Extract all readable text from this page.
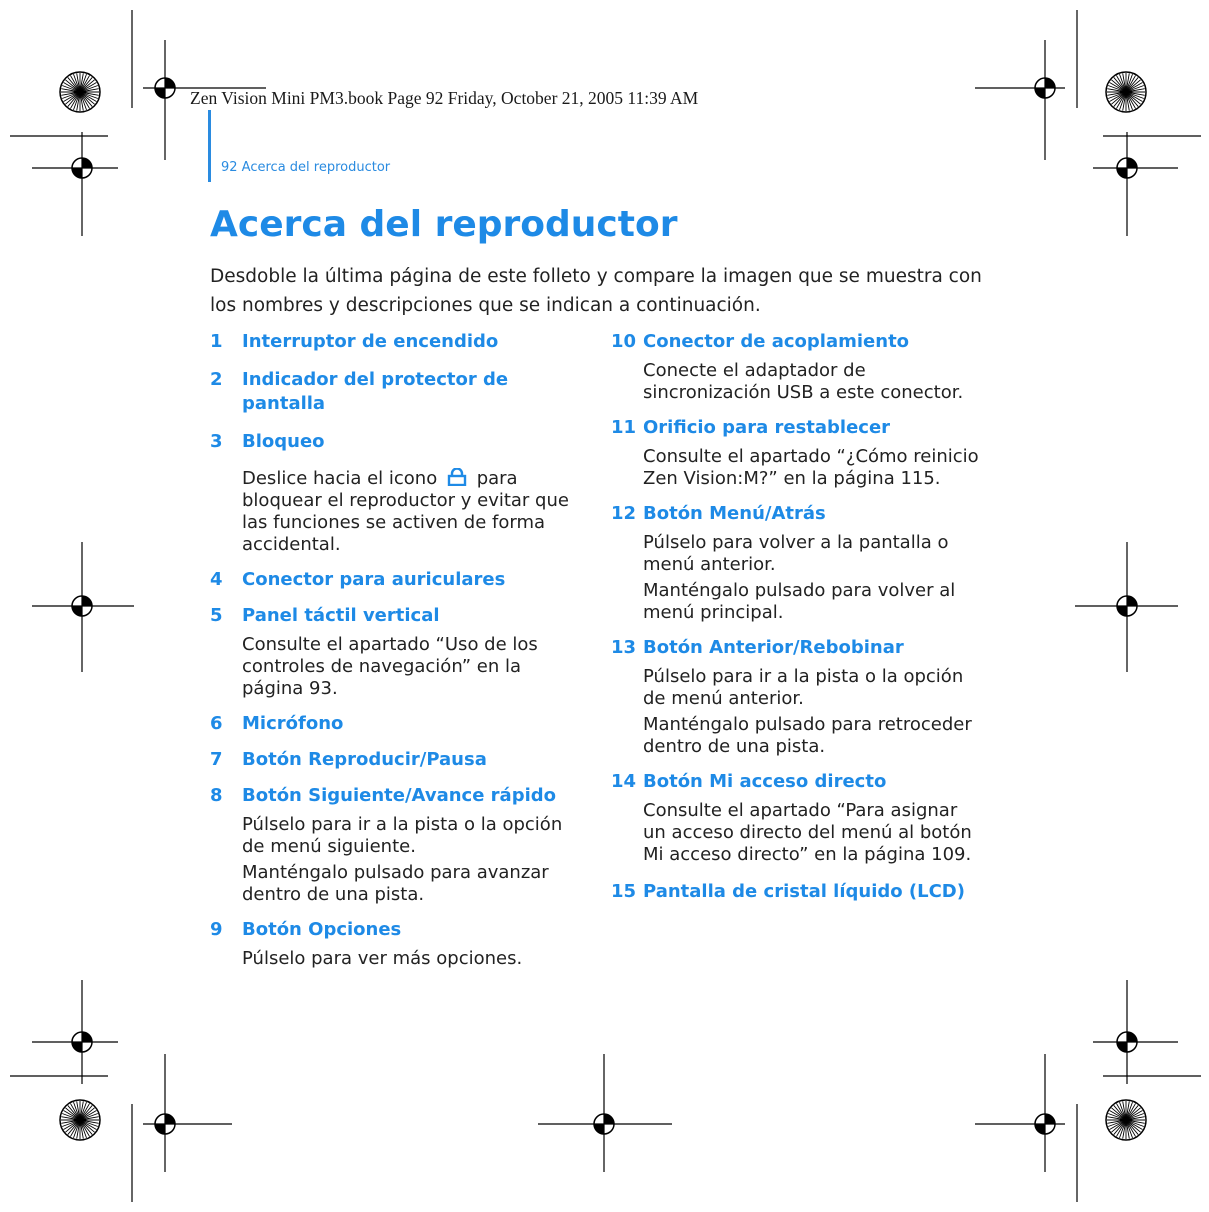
Zen Vision Mini PM3.book Page 92 Friday, October 21, 2005 11:39 AM
92 Acerca del reproductor
Acerca del reproductor

Desdoble la última página de este folleto y compare la imagen que se muestra con los nombres y descripciones que se indican a continuación.

1 Interruptor de encendido
2 Indicador del protector de pantalla
3 Bloqueo

Deslice hacia el icono para bloquear el reproductor y evitar que las funciones se activen de forma accidental.

4 Conector para auriculares
5 Panel táctil vertical

Consulte el apartado “Uso de los controles de navegación” en la página 93.

6 Micrófono
7 Botón Reproducir/Pausa
8 Botón Siguiente/Avance rápido

Púlselo para ir a la pista o la opción de menú siguiente.

Manténgalo pulsado para avanzar dentro de una pista.

9 Botón Opciones

Púlselo para ver más opciones.

10 Conector de acoplamiento

Conecte el adaptador de sincronización USB a este conector.

11 Orificio para restablecer

Consulte el apartado “¿Cómo reinicio Zen Vision:M?” en la página 115.

12 Botón Menú/Atrás

Púlselo para volver a la pantalla o menú anterior.

Manténgalo pulsado para volver al menú principal.

13 Botón Anterior/Rebobinar

Púlselo para ir a la pista o la opción de menú anterior.

Manténgalo pulsado para retroceder dentro de una pista.

14 Botón Mi acceso directo

Consulte el apartado “Para asignar un acceso directo del menú al botón Mi acceso directo” en la página 109.

15 Pantalla de cristal líquido (LCD)
